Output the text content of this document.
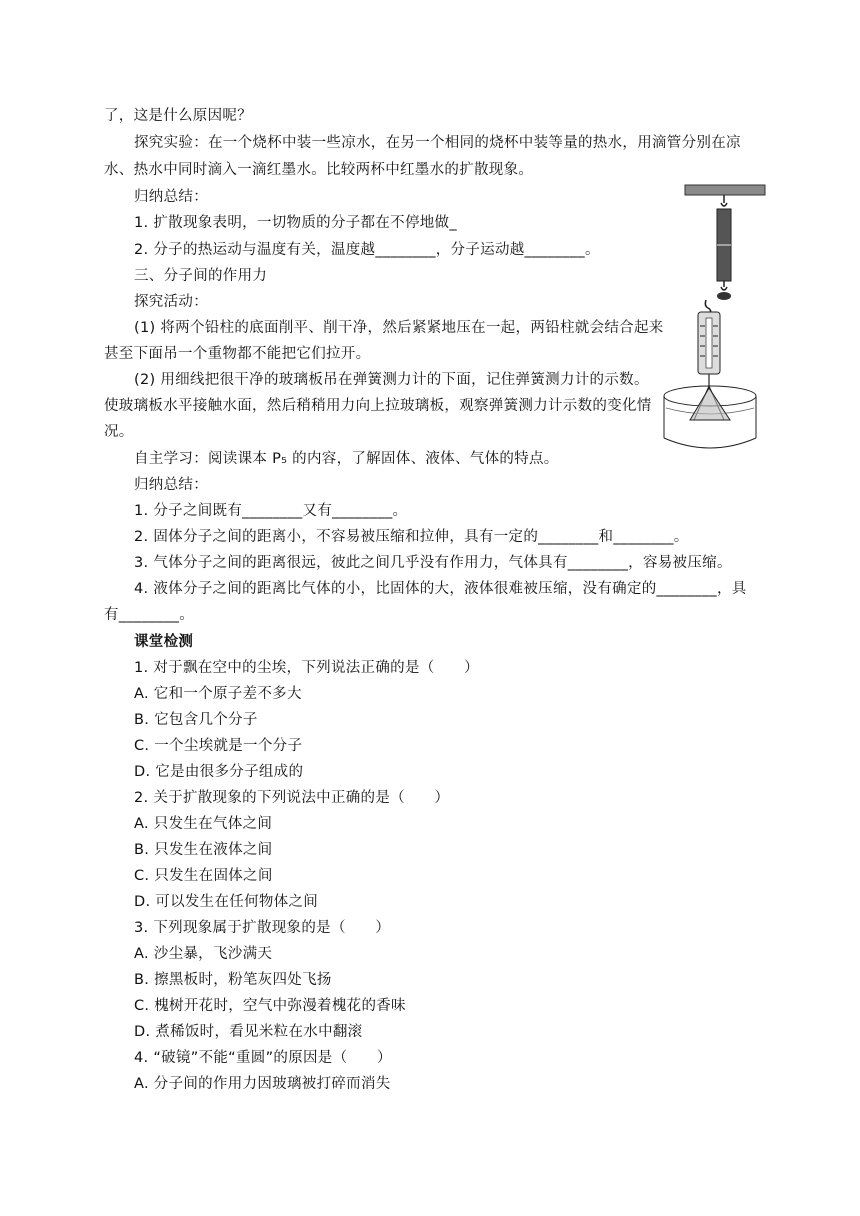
了，这是什么原因呢？
探究实验：在一个烧杯中装一些凉水，在另一个相同的烧杯中装等量的热水，用滴管分别在凉
水、热水中同时滴入一滴红墨水。比较两杯中红墨水的扩散现象。
归纳总结：
1. 扩散现象表明，一切物质的分子都在不停地做_
2. 分子的热运动与温度有关，温度越________，分子运动越________。
三、分子间的作用力
探究活动：
(1) 将两个铅柱的底面削平、削干净，然后紧紧地压在一起，两铅柱就会结合起来
甚至下面吊一个重物都不能把它们拉开。
(2) 用细线把很干净的玻璃板吊在弹簧测力计的下面，记住弹簧测力计的示数。
使玻璃板水平接触水面，然后稍稍用力向上拉玻璃板，观察弹簧测力计示数的变化情
况。
自主学习：阅读课本 P₅ 的内容，了解固体、液体、气体的特点。
归纳总结：
1. 分子之间既有________又有________。
2. 固体分子之间的距离小，不容易被压缩和拉伸，具有一定的________和________。
3. 气体分子之间的距离很远，彼此之间几乎没有作用力，气体具有________，容易被压缩。
4. 液体分子之间的距离比气体的小，比固体的大，液体很难被压缩，没有确定的________，具
有________。
课堂检测
1. 对于飘在空中的尘埃，下列说法正确的是（　　）
A. 它和一个原子差不多大
B. 它包含几个分子
C. 一个尘埃就是一个分子
D. 它是由很多分子组成的
2. 关于扩散现象的下列说法中正确的是（　　）
A. 只发生在气体之间
B. 只发生在液体之间
C. 只发生在固体之间
D. 可以发生在任何物体之间
3. 下列现象属于扩散现象的是（　　）
A. 沙尘暴，飞沙满天
B. 擦黑板时，粉笔灰四处飞扬
C. 槐树开花时，空气中弥漫着槐花的香味
D. 煮稀饭时，看见米粒在水中翻滚
4. “破镜”不能“重圆”的原因是（　　）
A. 分子间的作用力因玻璃被打碎而消失
